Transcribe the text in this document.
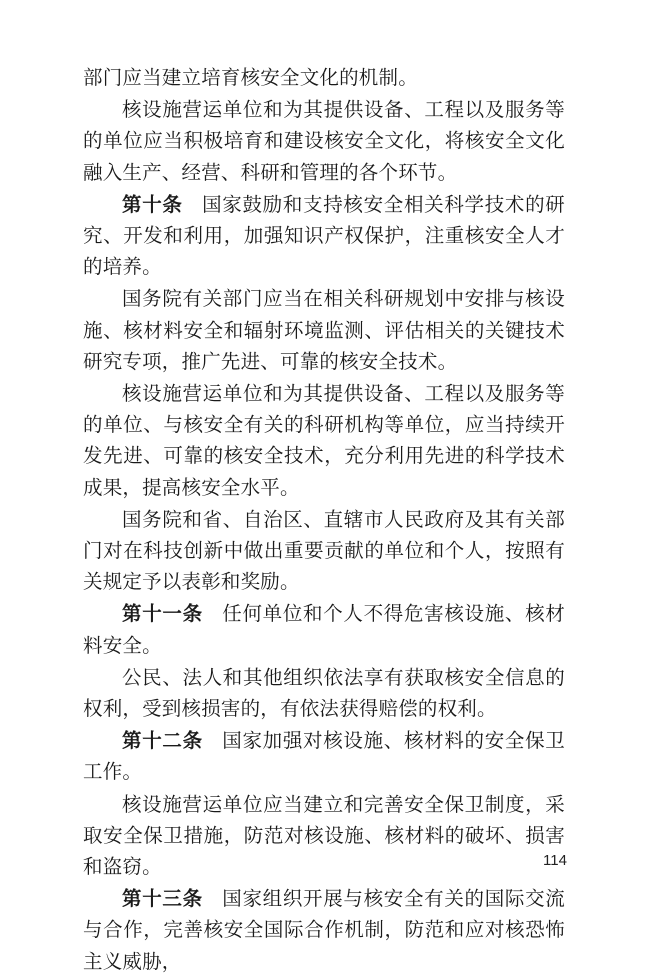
部门应当建立培育核安全文化的机制。

核设施营运单位和为其提供设备、工程以及服务等的单位应当积极培育和建设核安全文化，将核安全文化融入生产、经营、科研和管理的各个环节。

第十条 国家鼓励和支持核安全相关科学技术的研究、开发和利用，加强知识产权保护，注重核安全人才的培养。

国务院有关部门应当在相关科研规划中安排与核设施、核材料安全和辐射环境监测、评估相关的关键技术研究专项，推广先进、可靠的核安全技术。

核设施营运单位和为其提供设备、工程以及服务等的单位、与核安全有关的科研机构等单位，应当持续开发先进、可靠的核安全技术，充分利用先进的科学技术成果，提高核安全水平。

国务院和省、自治区、直辖市人民政府及其有关部门对在科技创新中做出重要贡献的单位和个人，按照有关规定予以表彰和奖励。

第十一条 任何单位和个人不得危害核设施、核材料安全。

公民、法人和其他组织依法享有获取核安全信息的权利，受到核损害的，有依法获得赔偿的权利。

第十二条 国家加强对核设施、核材料的安全保卫工作。

核设施营运单位应当建立和完善安全保卫制度，采取安全保卫措施，防范对核设施、核材料的破坏、损害和盗窃。

第十三条 国家组织开展与核安全有关的国际交流与合作，完善核安全国际合作机制，防范和应对核恐怖主义威胁，

114
